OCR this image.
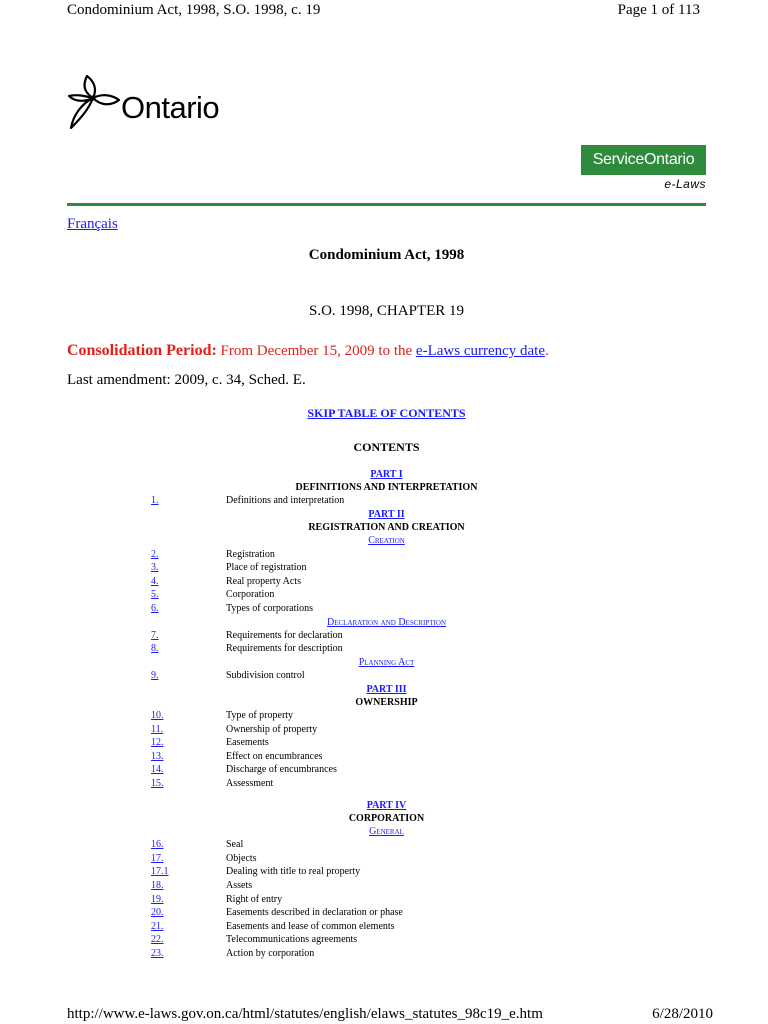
Condominium Act, 1998, S.O. 1998, c. 19	Page 1 of 113
Ontario
ServiceOntario
e-Laws
Français
Condominium Act, 1998
S.O. 1998, CHAPTER 19
Consolidation Period: From December 15, 2009 to the e-Laws currency date.
Last amendment: 2009, c. 34, Sched. E.
SKIP TABLE OF CONTENTS
CONTENTS
PART I
DEFINITIONS AND INTERPRETATION
1.	Definitions and interpretation
PART II
REGISTRATION AND CREATION
Creation
2.	Registration
3.	Place of registration
4.	Real property Acts
5.	Corporation
6.	Types of corporations
Declaration and Description
7.	Requirements for declaration
8.	Requirements for description
Planning Act
9.	Subdivision control
PART III
OWNERSHIP
10.	Type of property
11.	Ownership of property
12.	Easements
13.	Effect on encumbrances
14.	Discharge of encumbrances
15.	Assessment
PART IV
CORPORATION
General
16.	Seal
17.	Objects
17.1	Dealing with title to real property
18.	Assets
19.	Right of entry
20.	Easements described in declaration or phase
21.	Easements and lease of common elements
22.	Telecommunications agreements
23.	Action by corporation
http://www.e-laws.gov.on.ca/html/statutes/english/elaws_statutes_98c19_e.htm	6/28/2010
